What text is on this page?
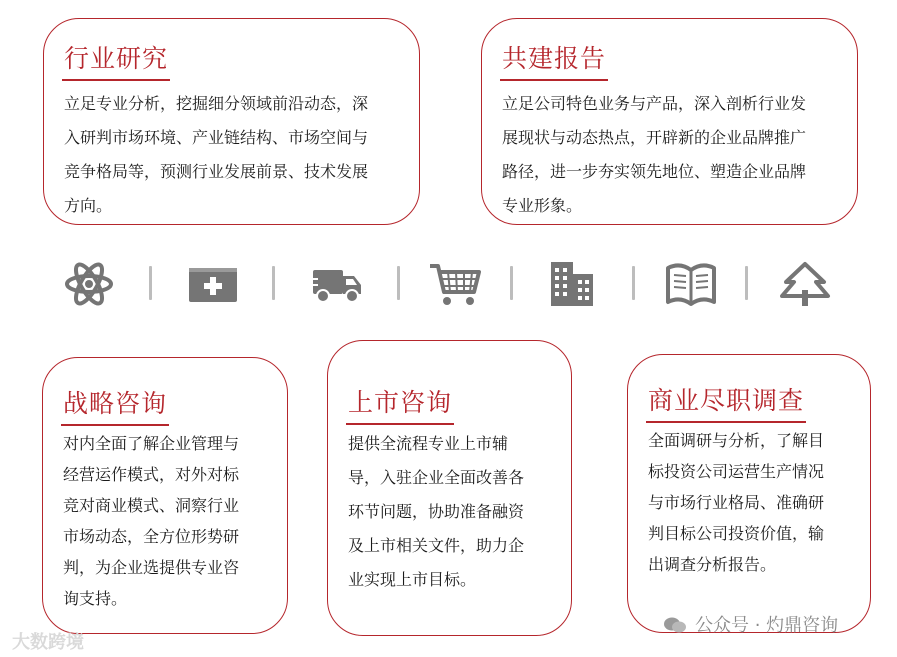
行业研究
立足专业分析，挖掘细分领域前沿动态，深
入研判市场环境、产业链结构、市场空间与
竞争格局等，预测行业发展前景、技术发展
方向。
共建报告
立足公司特色业务与产品，深入剖析行业发
展现状与动态热点，开辟新的企业品牌推广
路径，进一步夯实领先地位、塑造企业品牌
专业形象。
战略咨询
对内全面了解企业管理与
经营运作模式，对外对标
竞对商业模式、洞察行业
市场动态，全方位形势研
判，为企业选提供专业咨
询支持。
上市咨询
提供全流程专业上市辅
导，入驻企业全面改善各
环节问题，协助准备融资
及上市相关文件，助力企
业实现上市目标。
商业尽职调查
全面调研与分析，了解目
标投资公司运营生产情况
与市场行业格局、准确研
判目标公司投资价值，输
出调查分析报告。
公众号 · 灼鼎咨询
大数跨境
